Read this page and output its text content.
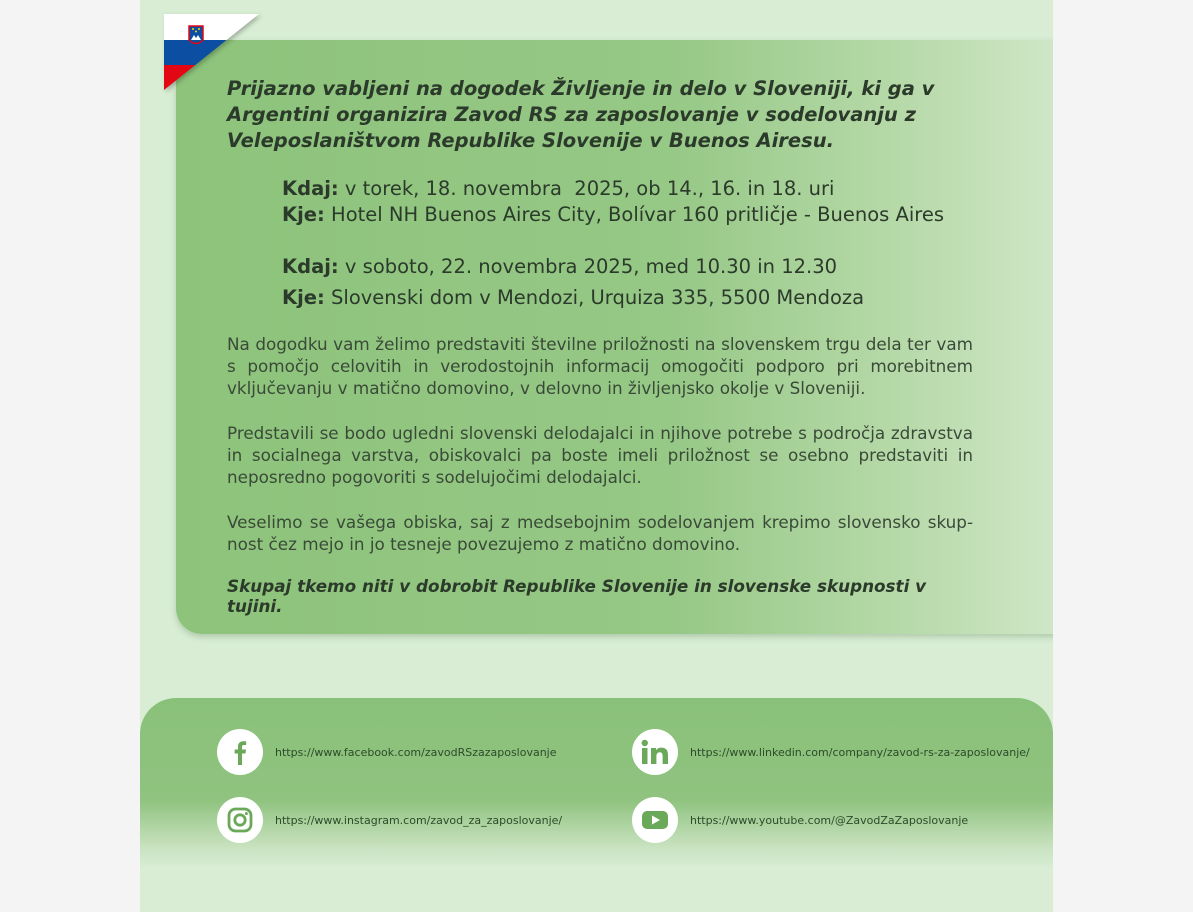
Prijazno vabljeni na dogodek Življenje in delo v Sloveniji, ki ga v Argentini organizira Zavod RS za zaposlovanje v sodelovanju z Veleposlaništvom Republike Slovenije v Buenos Airesu.
Kdaj: v torek, 18. novembra  2025, ob 14., 16. in 18. uri
Kje: Hotel NH Buenos Aires City, Bolívar 160 pritličje - Buenos Aires
Kdaj: v soboto, 22. novembra 2025, med 10.30 in 12.30
Kje: Slovenski dom v Mendozi, Urquiza 335, 5500 Mendoza
Na dogodku vam želimo predstaviti številne priložnosti na slovenskem trgu dela ter vam s pomočjo celovitih in verodostojnih informacij omogočiti podporo pri morebitnem vključevanju v matično domovino, v delovno in življenjsko okolje v Sloveniji.
Predstavili se bodo ugledni slovenski delodajalci in njihove potrebe s področja zdravstva in socialnega varstva, obiskovalci pa boste imeli priložnost se osebno predstaviti in neposredno pogovoriti s sodelujočimi delodajalci.
Veselimo se vašega obiska, saj z medsebojnim sodelovanjem krepimo slovensko skup-nost čez mejo in jo tesneje povezujemo z matično domovino.
Skupaj tkemo niti v dobrobit Republike Slovenije in slovenske skupnosti v tujini.
https://www.facebook.com/zavodRSzazaposlovanje	https://www.linkedin.com/company/zavod-rs-za-zaposlovanje/
https://www.instagram.com/zavod_za_zaposlovanje/	https://www.youtube.com/@ZavodZaZaposlovanje
